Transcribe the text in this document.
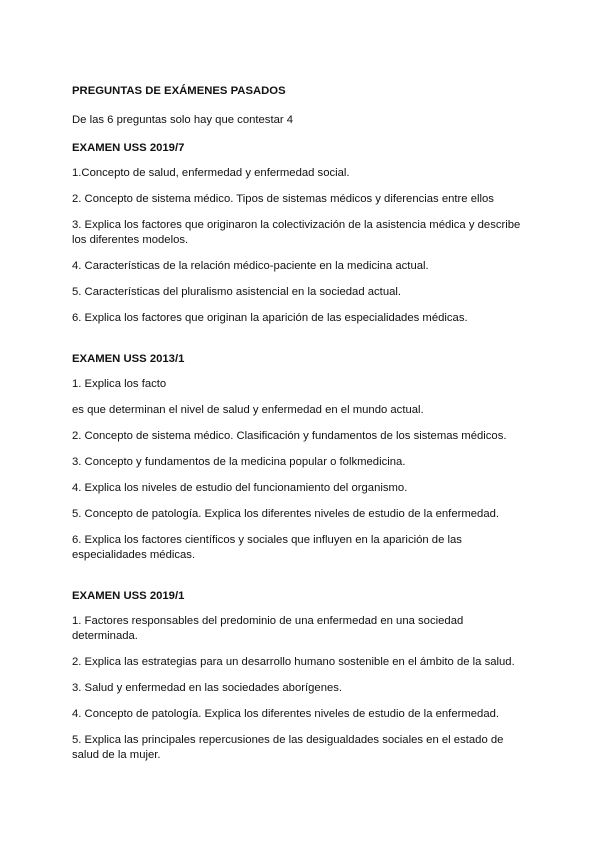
PREGUNTAS DE EXÁMENES PASADOS

De las 6 preguntas solo hay que contestar 4

EXAMEN USS 2019/7

1.Concepto de salud, enfermedad y enfermedad social.

2. Concepto de sistema médico. Tipos de sistemas médicos y diferencias entre ellos

3. Explica los factores que originaron la colectivización de la asistencia médica y describe los diferentes modelos.

4. Características de la relación médico-paciente en la medicina actual.

5. Características del pluralismo asistencial en la sociedad actual.

6. Explica los factores que originan la aparición de las especialidades médicas.

EXAMEN USS 2013/1

1. Explica los facto

es que determinan el nivel de salud y enfermedad en el mundo actual.

2. Concepto de sistema médico. Clasificación y fundamentos de los sistemas médicos.

3. Concepto y fundamentos de la medicina popular o folkmedicina.

4. Explica los niveles de estudio del funcionamiento del organismo.

5. Concepto de patología. Explica los diferentes niveles de estudio de la enfermedad.

6. Explica los factores científicos y sociales que influyen en la aparición de las especialidades médicas.

EXAMEN USS 2019/1

1. Factores responsables del predominio de una enfermedad en una sociedad determinada.

2. Explica las estrategias para un desarrollo humano sostenible en el ámbito de la salud.

3. Salud y enfermedad en las sociedades aborígenes.

4. Concepto de patología. Explica los diferentes niveles de estudio de la enfermedad.

5. Explica las principales repercusiones de las desigualdades sociales en el estado de salud de la mujer.
